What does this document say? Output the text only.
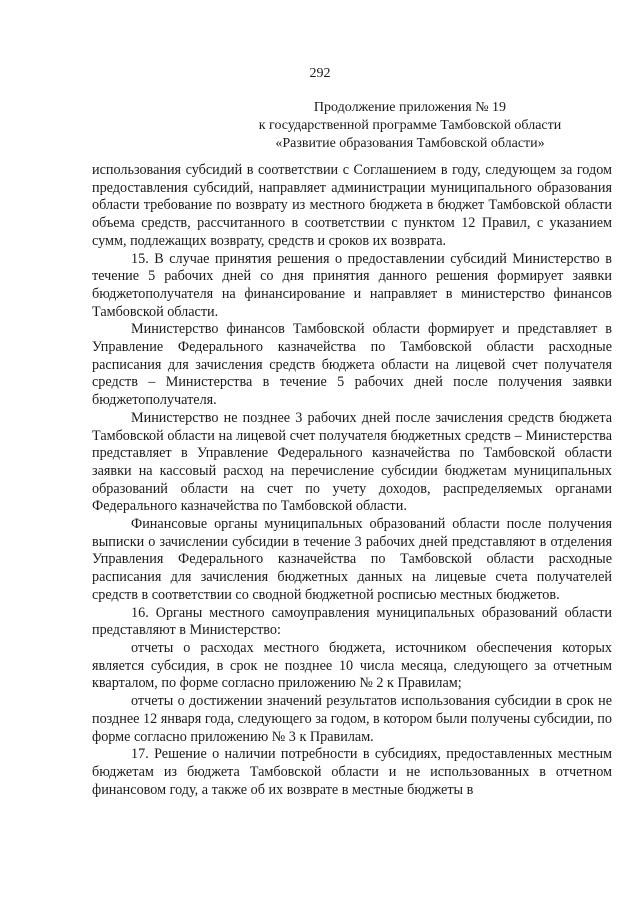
292
Продолжение приложения № 19
к государственной программе Тамбовской области
«Развитие образования Тамбовской области»

использования субсидий в соответствии с Соглашением в году, следующем за годом предоставления субсидий, направляет администрации муниципального образования области требование по возврату из местного бюджета в бюджет Тамбовской области объема средств, рассчитанного в соответствии с пунктом 12 Правил, с указанием сумм, подлежащих возврату, средств и сроков их возврата.

15. В случае принятия решения о предоставлении субсидий Министерство в течение 5 рабочих дней со дня принятия данного решения формирует заявки бюджетополучателя на финансирование и направляет в министерство финансов Тамбовской области.

Министерство финансов Тамбовской области формирует и представляет в Управление Федерального казначейства по Тамбовской области расходные расписания для зачисления средств бюджета области на лицевой счет получателя средств – Министерства в течение 5 рабочих дней после получения заявки бюджетополучателя.

Министерство не позднее 3 рабочих дней после зачисления средств бюджета Тамбовской области на лицевой счет получателя бюджетных средств – Министерства представляет в Управление Федерального казначейства по Тамбовской области заявки на кассовый расход на перечисление субсидии бюджетам муниципальных образований области на счет по учету доходов, распределяемых органами Федерального казначейства по Тамбовской области.

Финансовые органы муниципальных образований области после получения выписки о зачислении субсидии в течение 3 рабочих дней представляют в отделения Управления Федерального казначейства по Тамбовской области расходные расписания для зачисления бюджетных данных на лицевые счета получателей средств в соответствии со сводной бюджетной росписью местных бюджетов.

16. Органы местного самоуправления муниципальных образований области представляют в Министерство:

отчеты о расходах местного бюджета, источником обеспечения которых является субсидия, в срок не позднее 10 числа месяца, следующего за отчетным кварталом, по форме согласно приложению № 2 к Правилам;

отчеты о достижении значений результатов использования субсидии в срок не позднее 12 января года, следующего за годом, в котором были получены субсидии, по форме согласно приложению № 3 к Правилам.

17. Решение о наличии потребности в субсидиях, предоставленных местным бюджетам из бюджета Тамбовской области и не использованных в отчетном финансовом году, а также об их возврате в местные бюджеты в
